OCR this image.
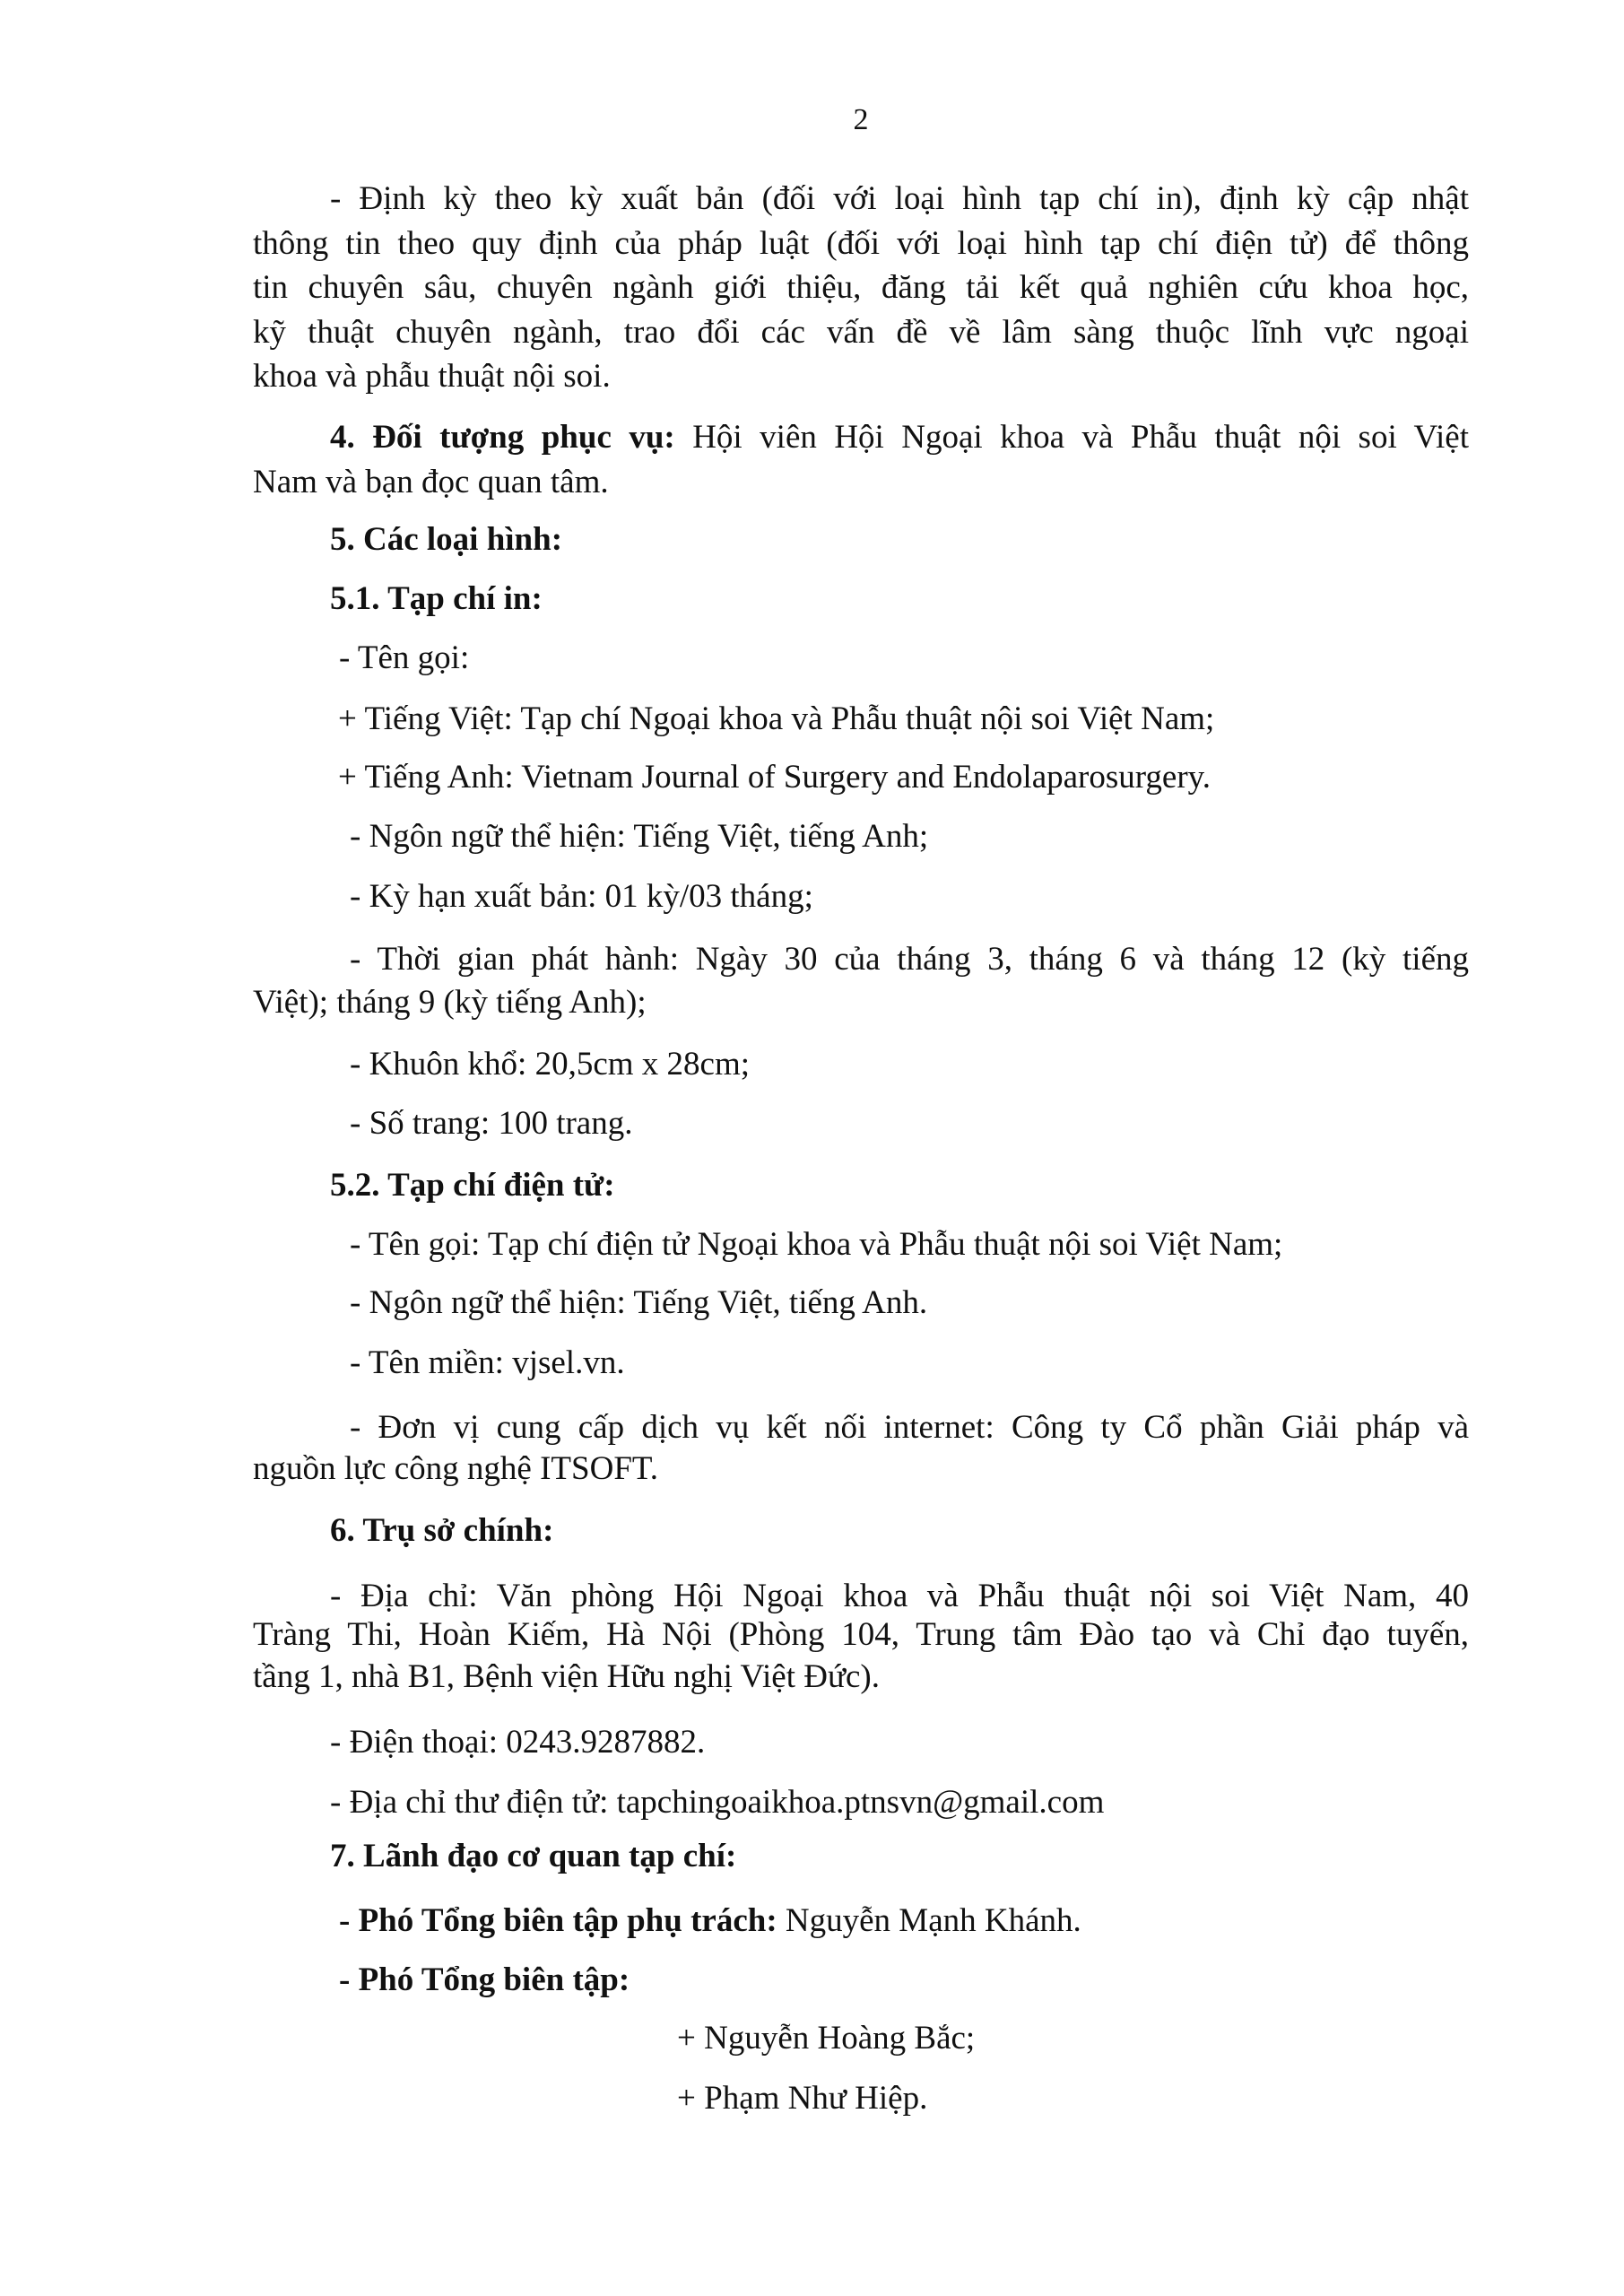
2
- Định kỳ theo kỳ xuất bản (đối với loại hình tạp chí in), định kỳ cập nhật
thông tin theo quy định của pháp luật (đối với loại hình tạp chí điện tử) để thông
tin chuyên sâu, chuyên ngành giới thiệu, đăng tải kết quả nghiên cứu khoa học,
kỹ thuật chuyên ngành, trao đổi các vấn đề về lâm sàng thuộc lĩnh vực ngoại
khoa và phẫu thuật nội soi.
4. Đối tượng phục vụ: Hội viên Hội Ngoại khoa và Phẫu thuật nội soi Việt
Nam và bạn đọc quan tâm.
5. Các loại hình:
5.1. Tạp chí in:
- Tên gọi:
+ Tiếng Việt: Tạp chí Ngoại khoa và Phẫu thuật nội soi Việt Nam;
+ Tiếng Anh: Vietnam Journal of Surgery and Endolaparosurgery.
- Ngôn ngữ thể hiện: Tiếng Việt, tiếng Anh;
- Kỳ hạn xuất bản: 01 kỳ/03 tháng;
- Thời gian phát hành: Ngày 30 của tháng 3, tháng 6 và tháng 12 (kỳ tiếng
Việt); tháng 9 (kỳ tiếng Anh);
- Khuôn khổ: 20,5cm x 28cm;
- Số trang: 100 trang.
5.2. Tạp chí điện tử:
- Tên gọi: Tạp chí điện tử Ngoại khoa và Phẫu thuật nội soi Việt Nam;
- Ngôn ngữ thể hiện: Tiếng Việt, tiếng Anh.
- Tên miền: vjsel.vn.
- Đơn vị cung cấp dịch vụ kết nối internet: Công ty Cổ phần Giải pháp và
nguồn lực công nghệ ITSOFT.
6. Trụ sở chính:
- Địa chỉ: Văn phòng Hội Ngoại khoa và Phẫu thuật nội soi Việt Nam, 40
Tràng Thi, Hoàn Kiếm, Hà Nội (Phòng 104, Trung tâm Đào tạo và Chỉ đạo tuyến,
tầng 1, nhà B1, Bệnh viện Hữu nghị Việt Đức).
- Điện thoại: 0243.9287882.
- Địa chỉ thư điện tử: tapchingoaikhoa.ptnsvn@gmail.com
7. Lãnh đạo cơ quan tạp chí:
- Phó Tổng biên tập phụ trách: Nguyễn Mạnh Khánh.
- Phó Tổng biên tập:
+ Nguyễn Hoàng Bắc;
+ Phạm Như Hiệp.
